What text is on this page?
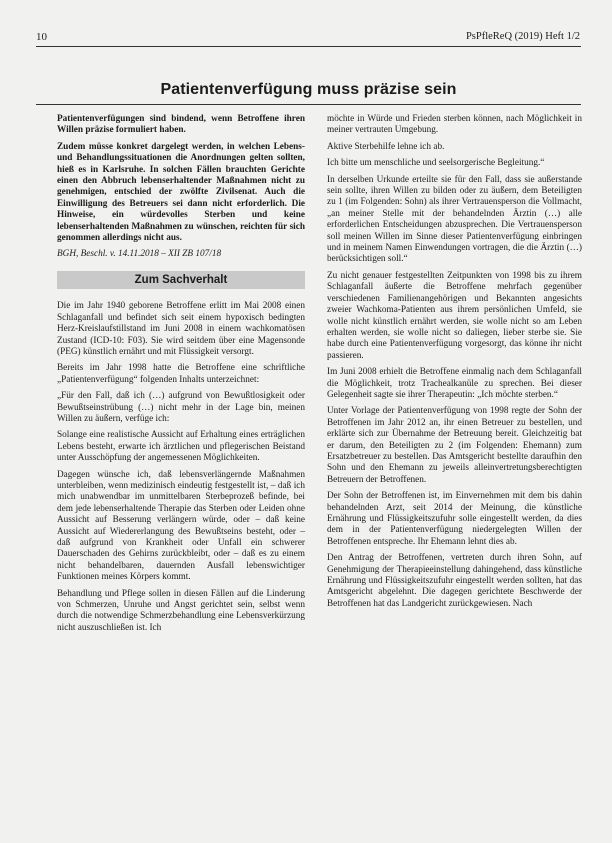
10	PsPfleReQ (2019) Heft 1/2
Patientenverfügung muss präzise sein

Patientenverfügungen sind bindend, wenn Betroffene ihren Willen präzise formuliert haben.

Zudem müsse konkret dargelegt werden, in welchen Lebens- und Behandlungssituationen die Anordnungen gelten sollten, hieß es in Karlsruhe. In solchen Fällen brauchten Gerichte einen den Abbruch lebenserhaltender Maßnahmen nicht zu genehmigen, entschied der zwölfte Zivilsenat. Auch die Einwilligung des Betreuers sei dann nicht erforderlich. Die Hinweise, ein würdevolles Sterben und keine lebenserhaltenden Maßnahmen zu wünschen, reichten für sich genommen allerdings nicht aus.

BGH, Beschl. v. 14.11.2018 – XII ZB 107/18

Zum Sachverhalt

Die im Jahr 1940 geborene Betroffene erlitt im Mai 2008 einen Schlaganfall und befindet sich seit einem hypoxisch bedingten Herz-Kreislaufstillstand im Juni 2008 in einem wachkomatösen Zustand (ICD-10: F03). Sie wird seitdem über eine Magensonde (PEG) künstlich ernährt und mit Flüssigkeit versorgt.

Bereits im Jahr 1998 hatte die Betroffene eine schriftliche „Patientenverfügung“ folgenden Inhalts unterzeichnet:

„Für den Fall, daß ich (…) aufgrund von Bewußtlosigkeit oder Bewußtseinstrübung (…) nicht mehr in der Lage bin, meinen Willen zu äußern, verfüge ich:

Solange eine realistische Aussicht auf Erhaltung eines erträglichen Lebens besteht, erwarte ich ärztlichen und pflegerischen Beistand unter Ausschöpfung der angemessenen Möglichkeiten.

Dagegen wünsche ich, daß lebensverlängernde Maßnahmen unterbleiben, wenn medizinisch eindeutig festgestellt ist, – daß ich mich unabwendbar im unmittelbaren Sterbeprozeß befinde, bei dem jede lebenserhaltende Therapie das Sterben oder Leiden ohne Aussicht auf Besserung verlängern würde, oder – daß keine Aussicht auf Wiedererlangung des Bewußtseins besteht, oder – daß aufgrund von Krankheit oder Unfall ein schwerer Dauerschaden des Gehirns zurückbleibt, oder – daß es zu einem nicht behandelbaren, dauernden Ausfall lebenswichtiger Funktionen meines Körpers kommt.

Behandlung und Pflege sollen in diesen Fällen auf die Linderung von Schmerzen, Unruhe und Angst gerichtet sein, selbst wenn durch die notwendige Schmerzbehandlung eine Lebensverkürzung nicht auszuschließen ist. Ich

möchte in Würde und Frieden sterben können, nach Möglichkeit in meiner vertrauten Umgebung.

Aktive Sterbehilfe lehne ich ab.

Ich bitte um menschliche und seelsorgerische Begleitung.“

In derselben Urkunde erteilte sie für den Fall, dass sie außerstande sein sollte, ihren Willen zu bilden oder zu äußern, dem Beteiligten zu 1 (im Folgenden: Sohn) als ihrer Vertrauensperson die Vollmacht, „an meiner Stelle mit der behandelnden Ärztin (…) alle erforderlichen Entscheidungen abzusprechen. Die Vertrauensperson soll meinen Willen im Sinne dieser Patientenverfügung einbringen und in meinem Namen Einwendungen vortragen, die die Ärztin (…) berücksichtigen soll.“

Zu nicht genauer festgestellten Zeitpunkten von 1998 bis zu ihrem Schlaganfall äußerte die Betroffene mehrfach gegenüber verschiedenen Familienangehörigen und Bekannten angesichts zweier Wachkoma-Patienten aus ihrem persönlichen Umfeld, sie wolle nicht künstlich ernährt werden, sie wolle nicht so am Leben erhalten werden, sie wolle nicht so daliegen, lieber sterbe sie. Sie habe durch eine Patientenverfügung vorgesorgt, das könne ihr nicht passieren.

Im Juni 2008 erhielt die Betroffene einmalig nach dem Schlaganfall die Möglichkeit, trotz Trachealkanüle zu sprechen. Bei dieser Gelegenheit sagte sie ihrer Therapeutin: „Ich möchte sterben.“

Unter Vorlage der Patientenverfügung von 1998 regte der Sohn der Betroffenen im Jahr 2012 an, ihr einen Betreuer zu bestellen, und erklärte sich zur Übernahme der Betreuung bereit. Gleichzeitig bat er darum, den Beteiligten zu 2 (im Folgenden: Ehemann) zum Ersatzbetreuer zu bestellen. Das Amtsgericht bestellte daraufhin den Sohn und den Ehemann zu jeweils alleinvertretungsberechtigten Betreuern der Betroffenen.

Der Sohn der Betroffenen ist, im Einvernehmen mit dem bis dahin behandelnden Arzt, seit 2014 der Meinung, die künstliche Ernährung und Flüssigkeitszufuhr solle eingestellt werden, da dies dem in der Patientenverfügung niedergelegten Willen der Betroffenen entspreche. Ihr Ehemann lehnt dies ab.

Den Antrag der Betroffenen, vertreten durch ihren Sohn, auf Genehmigung der Therapieeinstellung dahingehend, dass künstliche Ernährung und Flüssigkeitszufuhr eingestellt werden sollten, hat das Amtsgericht abgelehnt. Die dagegen gerichtete Beschwerde der Betroffenen hat das Landgericht zurückgewiesen. Nach
